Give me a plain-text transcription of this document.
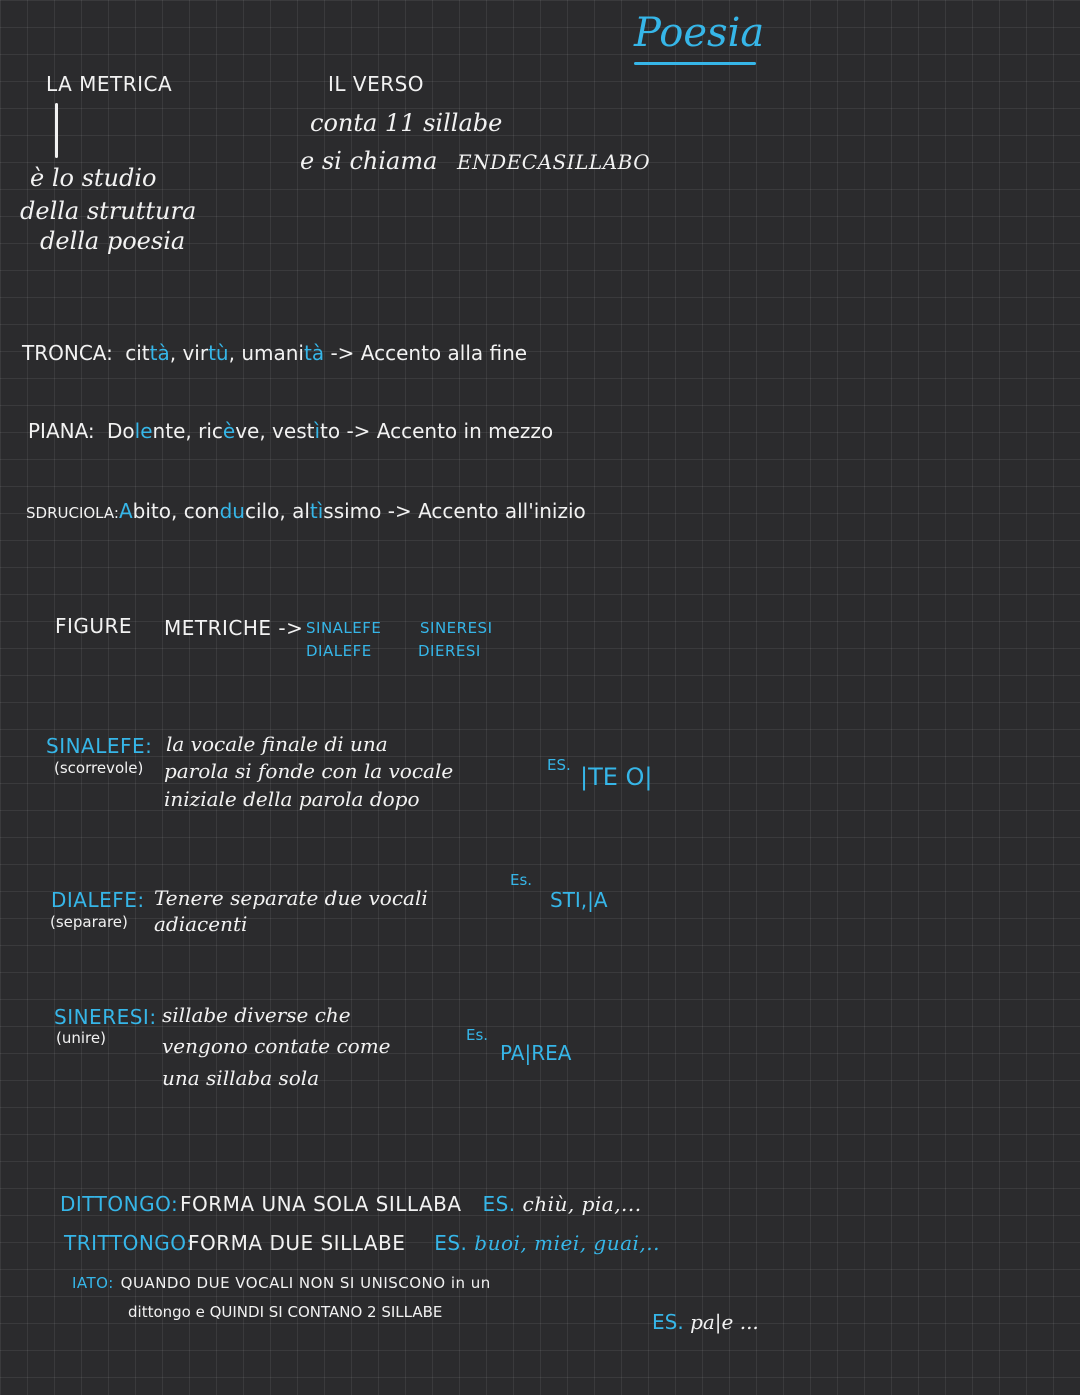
Poesia
LA METRICA
è lo studio
della struttura
della poesia
IL VERSO
conta 11 sillabe
e si chiama ENDECASILLABO
TRONCA: città, virtù, umanità -> Accento alla fine
PIANA: Dolente, ricève, vestìto -> Accento in mezzo
SDRUCIOLA:Abito, conducilo, altìssimo -> Accento all'inizio
FIGURE METRICHE -> SINALEFE	SINERESI
DIALEFE	DIERESI
SINALEFE:
(scorrevole)
la vocale finale di una
parola si fonde con la vocale
iniziale della parola dopo
ES. |TE O|
DIALEFE:
(separare)
Tenere separate due vocali
adiacenti
Es.
STI,|A
SINERESI:
(unire)
sillabe diverse che
vengono contate come
una sillaba sola
Es.
PA|REA
DITTONGO: FORMA UNA SOLA SILLABA ES. chiù, pia,...
TRITTONGO:
FORMA DUE SILLABE ES. buoi, miei, guai,..
IATO: QUANDO DUE VOCALI NON SI UNISCONO in un
dittongo e QUINDI SI CONTANO 2 SILLABE	ES. pa|e ...
